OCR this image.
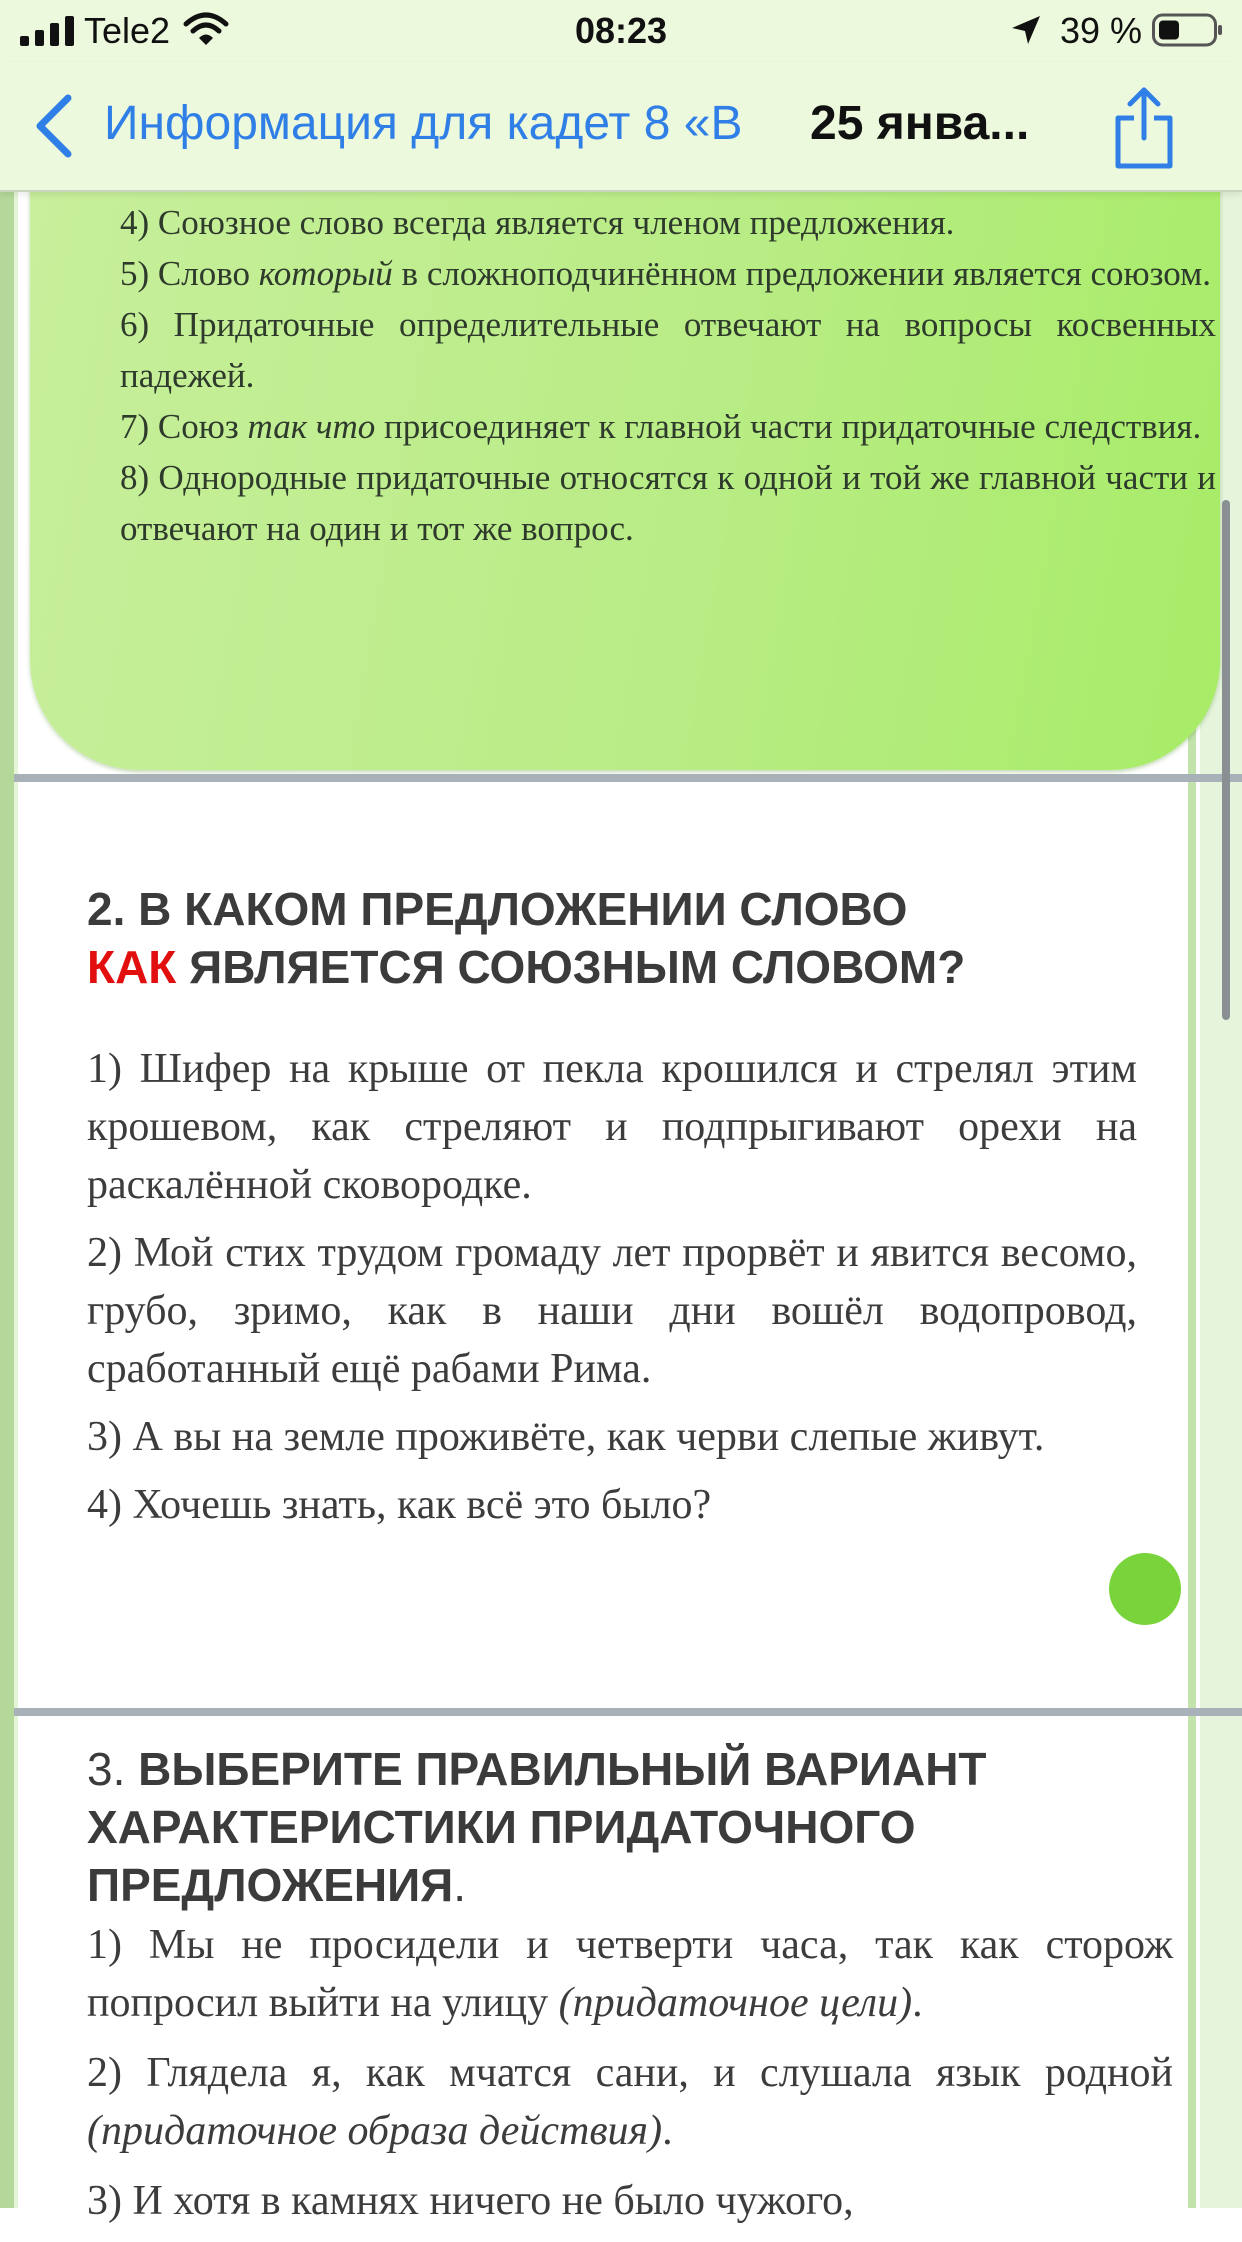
Tele2	08:23	39 %
Информация для кадет 8 «В	25 янва...

4) Союзное слово всегда является членом предложения.

5) Слово который в сложноподчинённом предложении является союзом.

6) Придаточные определительные отвечают на вопросы косвенных падежей.

7) Союз так что присоединяет к главной части придаточные следствия.

8) Однородные придаточные относятся к одной и той же главной части и отвечают на один и тот же вопрос.

2. В КАКОМ ПРЕДЛОЖЕНИИ СЛОВО
КАК ЯВЛЯЕТСЯ СОЮЗНЫМ СЛОВОМ?

1) Шифер на крыше от пекла крошился и стрелял этим крошевом, как стреляют и подпрыгивают орехи на раскалённой сковородке.

2) Мой стих трудом громаду лет прорвёт и явится весомо, грубо, зримо, как в наши дни вошёл водопровод, сработанный ещё рабами Рима.

3) А вы на земле проживёте, как черви слепые живут.

4) Хочешь знать, как всё это было?

3. ВЫБЕРИТЕ ПРАВИЛЬНЫЙ ВАРИАНТ ХАРАКТЕРИСТИКИ ПРИДАТОЧНОГО ПРЕДЛОЖЕНИЯ.

1) Мы не просидели и четверти часа, так как сторож попросил выйти на улицу (придаточное цели).

2) Глядела я, как мчатся сани, и слушала язык родной (придаточное образа действия).

3) И хотя в камнях ничего не было чужого,
